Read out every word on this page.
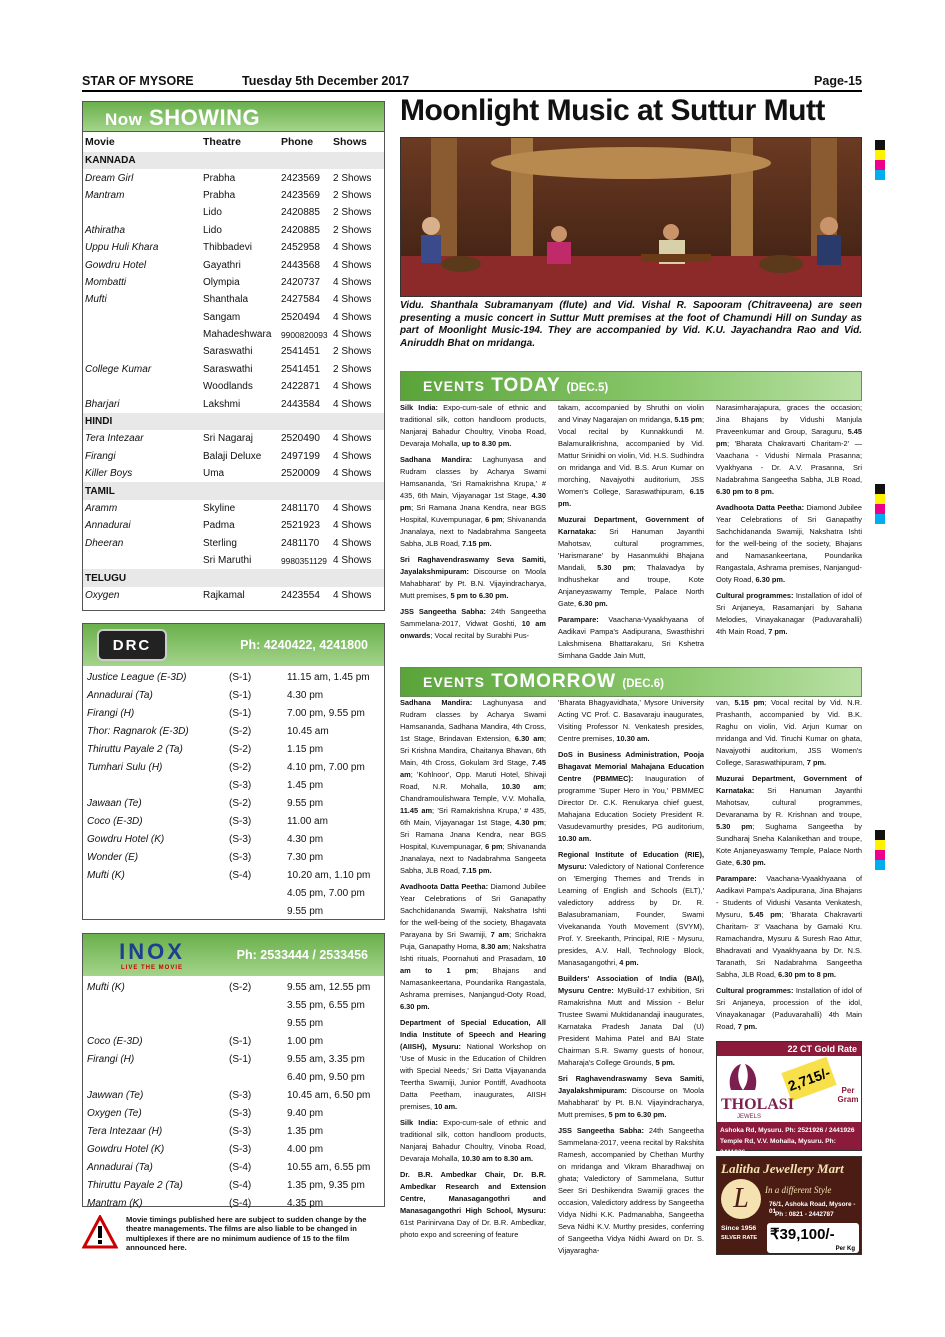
STAR OF MYSORE	Tuesday 5th December 2017	Page-15
Now SHOWING
Movie	Theatre	Phone	Shows
KANNADA			
Dream Girl	Prabha	2423569	2 Shows
Mantram	Prabha	2423569	2 Shows
	Lido	2420885	2 Shows
Athiratha	Lido	2420885	2 Shows
Uppu Huli Khara	Thibbadevi	2452958	4 Shows
Gowdru Hotel	Gayathri	2443568	4 Shows
Mombatti	Olympia	2420737	4 Shows
Mufti	Shanthala	2427584	4 Shows
	Sangam	2520494	4 Shows
	Mahadeshwara	9900820093	4 Shows
	Saraswathi	2541451	2 Shows
College Kumar	Saraswathi	2541451	2 Shows
	Woodlands	2422871	4 Shows
Bharjari	Lakshmi	2443584	4 Shows
HINDI			
Tera Intezaar	Sri Nagaraj	2520490	4 Shows
Firangi	Balaji Deluxe	2497199	4 Shows
Killer Boys	Uma	2520009	4 Shows
TAMIL			
Aramm	Skyline	2481170	4 Shows
Annadurai	Padma	2521923	4 Shows
Dheeran	Sterling	2481170	4 Shows
	Sri Maruthi	9980351129	4 Shows
TELUGU			
Oxygen	Rajkamal	2423554	4 Shows
DRC	Ph: 4240422, 4241800
Justice League (E-3D)	(S-1)	11.15 am, 1.45 pm
Annadurai (Ta)	(S-1)	4.30 pm
Firangi (H)	(S-1)	7.00 pm, 9.55 pm
Thor: Ragnarok (E-3D)	(S-2)	10.45 am
Thiruttu Payale 2 (Ta)	(S-2)	1.15 pm
Tumhari Sulu (H)	(S-2)	4.10 pm, 7.00 pm
	(S-3)	1.45 pm
Jawaan (Te)	(S-2)	9.55 pm
Coco (E-3D)	(S-3)	11.00 am
Gowdru Hotel (K)	(S-3)	4.30 pm
Wonder (E)	(S-3)	7.30 pm
Mufti (K)	(S-4)	10.20 am, 1.10 pm
		4.05 pm, 7.00 pm
		9.55 pm
INOX
LIVE THE MOVIE
Ph: 2533444 / 2533456
Mufti (K)	(S-2)	9.55 am, 12.55 pm
		3.55 pm, 6.55 pm
		9.55 pm
Coco (E-3D)	(S-1)	1.00 pm
Firangi (H)	(S-1)	9.55 am, 3.35 pm
		6.40 pm, 9.50 pm
Jawwan (Te)	(S-3)	10.45 am, 6.50 pm
Oxygen (Te)	(S-3)	9.40 pm
Tera Intezaar (H)	(S-3)	1.35 pm
Gowdru Hotel (K)	(S-3)	4.00 pm
Annadurai (Ta)	(S-4)	10.55 am, 6.55 pm
Thiruttu Payale 2 (Ta)	(S-4)	1.35 pm, 9.35 pm
Mantram (K)	(S-4)	4.35 pm
Movie timings published here are subject to sudden change by the theatre managements. The films are also liable to be changed in multiplexes if there are no minimum audience of 15 to the film announced here.
Moonlight Music at Suttur Mutt
Vidu. Shanthala Subramanyam (flute) and Vid. Vishal R. Sapooram (Chitraveena) are seen presenting a music concert in Suttur Mutt premises at the foot of Chamundi Hill on Sunday as part of Moonlight Music-194. They are accompanied by Vid. K.U. Jayachandra Rao and Vid. Aniruddh Bhat on mridanga.
EVENTS TODAY (DEC.5)

Silk India: Expo-cum-sale of ethnic and traditional silk, cotton handloom products, Nanjaraj Bahadur Choultry, Vinoba Road, Devaraja Mohalla, up to 8.30 pm.

Sadhana Mandira: Laghunyasa and Rudram classes by Acharya Swami Hamsananda, 'Sri Ramakrishna Krupa,' # 435, 6th Main, Vijayanagar 1st Stage, 4.30 pm; Sri Ramana Jnana Kendra, near BGS Hospital, Kuvempunagar, 6 pm; Shivananda Jnanalaya, next to Nadabrahma Sangeeta Sabha, JLB Road, 7.15 pm.

Sri Raghavendraswamy Seva Samiti, Jayalakshmipuram: Discourse on 'Moola Mahabharat' by Pt. B.N. Vijayindracharya, Mutt premises, 5 pm to 6.30 pm.

JSS Sangeetha Sabha: 24th Sangeetha Sammelana-2017, Vidwat Goshti, 10 am onwards; Vocal recital by Surabhi Pus-

takam, accompanied by Shruthi on violin and Vinay Nagarajan on mridanga, 5.15 pm; Vocal recital by Kunnakkundi M. Balamuralikrishna, accompanied by Vid. Mattur Srinidhi on violin, Vid. H.S. Sudhindra on mridanga and Vid. B.S. Arun Kumar on morching, Navajyothi auditorium, JSS Women's College, Saraswathipuram, 6.15 pm.

Muzurai Department, Government of Karnataka: Sri Hanuman Jayanthi Mahotsav, cultural programmes, 'Harismarane' by Hasanmukhi Bhajana Mandali, 5.30 pm; Thalavadya by Indhushekar and troupe, Kote Anjaneyaswamy Temple, Palace North Gate, 6.30 pm.

Parampare: Vaachana-Vyaakhyaana of Aadikavi Pampa's Aadipurana, Swasthishri Lakshmisena Bhattarakaru, Sri Kshetra Simhana Gadde Jain Mutt,

Narasimharajapura, graces the occasion; Jina Bhajans by Vidushi Manjula Praveenkumar and Group, Saraguru, 5.45 pm; 'Bharata Chakravarti Charitam-2' — Vaachana - Vidushi Nirmala Prasanna; Vyakhyana - Dr. A.V. Prasanna, Sri Nadabrahma Sangeetha Sabha, JLB Road, 6.30 pm to 8 pm.

Avadhoota Datta Peetha: Diamond Jubilee Year Celebrations of Sri Ganapathy Sachchidananda Swamiji, Nakshatra Ishti for the well-being of the society, Bhajans and Namasankeertana, Poundarika Rangastala, Ashrama premises, Nanjangud-Ooty Road, 6.30 pm.

Cultural programmes: Installation of idol of Sri Anjaneya, Rasamanjari by Sahana Melodies, Vinayakanagar (Paduvarahalli) 4th Main Road, 7 pm.

EVENTS TOMORROW (DEC.6)

Sadhana Mandira: Laghunyasa and Rudram classes by Acharya Swami Hamsananda, Sadhana Mandira, 4th Cross, 1st Stage, Brindavan Extension, 6.30 am; Sri Krishna Mandira, Chaitanya Bhavan, 6th Main, 4th Cross, Gokulam 3rd Stage, 7.45 am; 'Kohlnoor', Opp. Maruti Hotel, Shivaji Road, N.R. Mohalla, 10.30 am; Chandramoulishwara Temple, V.V. Mohalla, 11.45 am; 'Sri Ramakrishna Krupa,' # 435, 6th Main, Vijayanagar 1st Stage, 4.30 pm; Sri Ramana Jnana Kendra, near BGS Hospital, Kuvempunagar, 6 pm; Shivananda Jnanalaya, next to Nadabrahma Sangeeta Sabha, JLB Road, 7.15 pm.

Avadhoota Datta Peetha: Diamond Jubilee Year Celebrations of Sri Ganapathy Sachchidananda Swamiji, Nakshatra Ishti for the well-being of the society, Bhagavata Parayana by Sri Swamiji, 7 am; Srichakra Puja, Ganapathy Homa, 8.30 am; Nakshatra Ishti rituals, Poornahuti and Prasadam, 10 am to 1 pm; Bhajans and Namasankeertana, Poundarika Rangastala, Ashrama premises, Nanjangud-Ooty Road, 6.30 pm.

Department of Special Education, All India Institute of Speech and Hearing (AIISH), Mysuru: National Workshop on 'Use of Music in the Education of Children with Special Needs,' Sri Datta Vijayananda Teertha Swamiji, Junior Pontiff, Avadhoota Datta Peetham, inaugurates, AIISH premises, 10 am.

Silk India: Expo-cum-sale of ethnic and traditional silk, cotton handloom products, Nanjaraj Bahadur Choultry, Vinoba Road, Devaraja Mohalla, 10.30 am to 8.30 am.

Dr. B.R. Ambedkar Chair, Dr. B.R. Ambedkar Research and Extension Centre, Manasagangothri and Manasagangothri High School, Mysuru: 61st Parinirvana Day of Dr. B.R. Ambedkar, photo expo and screening of feature

'Bharata Bhagyavidhata,' Mysore University Acting VC Prof. C. Basavaraju inaugurates, Visiting Professor N. Venkatesh presides, Centre premises, 10.30 am.

DoS in Business Administration, Pooja Bhagavat Memorial Mahajana Education Centre (PBMMEC): Inauguration of programme 'Super Hero in You,' PBMMEC Director Dr. C.K. Renukarya chief guest, Mahajana Education Society President R. Vasudevamurthy presides, PG auditorium, 10.30 am.

Regional Institute of Education (RIE), Mysuru: Valedictory of National Conference on 'Emerging Themes and Trends in Learning of English and Schools (ELT),' valedictory address by Dr. R. Balasubramaniam, Founder, Swami Vivekananda Youth Movement (SVYM), Prof. Y. Sreekanth, Principal, RIE - Mysuru, presides, A.V. Hall, Technology Block, Manasagangothri, 4 pm.

Builders' Association of India (BAI), Mysuru Centre: MyBuild-17 exhibition, Sri Ramakrishna Mutt and Mission - Belur Trustee Swami Muktidanandaji inaugurates, Karnataka Pradesh Janata Dal (U) President Mahima Patel and BAI State Chairman S.R. Swamy guests of honour, Maharaja's College Grounds, 5 pm.

Sri Raghavendraswamy Seva Samiti, Jayalakshmipuram: Discourse on 'Moola Mahabharat' by Pt. B.N. Vijayindracharya, Mutt premises, 5 pm to 6.30 pm.

JSS Sangeetha Sabha: 24th Sangeetha Sammelana-2017, veena recital by Rakshita Ramesh, accompanied by Chethan Murthy on mridanga and Vikram Bharadhwaj on ghata; Valedictory of Sammelana, Suttur Seer Sri Deshikendra Swamiji graces the occasion, Valedictory address by Sangeetha Vidya Nidhi K.K. Padmanabha, Sangeetha Seva Nidhi K.V. Murthy presides, conferring of Sangeetha Vidya Nidhi Award on Dr. S. Vijayaragha-

van, 5.15 pm; Vocal recital by Vid. N.R. Prashanth, accompanied by Vid. B.K. Raghu on violin, Vid. Arjun Kumar on mridanga and Vid. Tiruchi Kumar on ghata, Navajyothi auditorium, JSS Women's College, Saraswathipuram, 7 pm.

Muzurai Department, Government of Karnataka: Sri Hanuman Jayanthi Mahotsav, cultural programmes, Devaranama by R. Krishnan and troupe, 5.30 pm; Sughama Sangeetha by Sundharaj Sneha Kalanikethan and troupe, Kote Anjaneyaswamy Temple, Palace North Gate, 6.30 pm.

Parampare: Vaachana-Vyaakhyaana of Aadikavi Pampa's Aadipurana, Jina Bhajans - Students of Vidushi Vasanta Venkatesh, Mysuru, 5.45 pm; 'Bharata Chakravarti Charitam- 3' Vaachana by Gamaki Kru. Ramachandra, Mysuru & Suresh Rao Attur, Bhadravati and Vyaakhyaana by Dr. N.S. Taranath, Sri Nadabrahma Sangeetha Sabha, JLB Road, 6.30 pm to 8 pm.

Cultural programmes: Installation of idol of Sri Anjaneya, procession of the idol, Vinayakanagar (Paduvarahalli) 4th Main Road, 7 pm.

22 CT Gold Rate
2,715/-	Per Gram
THOLASI
JEWELS
Ashoka Rd, Mysuru. Ph: 2521926 / 2441926
Temple Rd, V.V. Mohalla, Mysuru. Ph: 2411926
Lalitha Jewellery Mart
In a different Style
L	76/1, Ashoka Road, Mysore - 01
Ph : 0821 - 2442787
Since 1956
SILVER RATE ₹39,100/-
Per Kg
